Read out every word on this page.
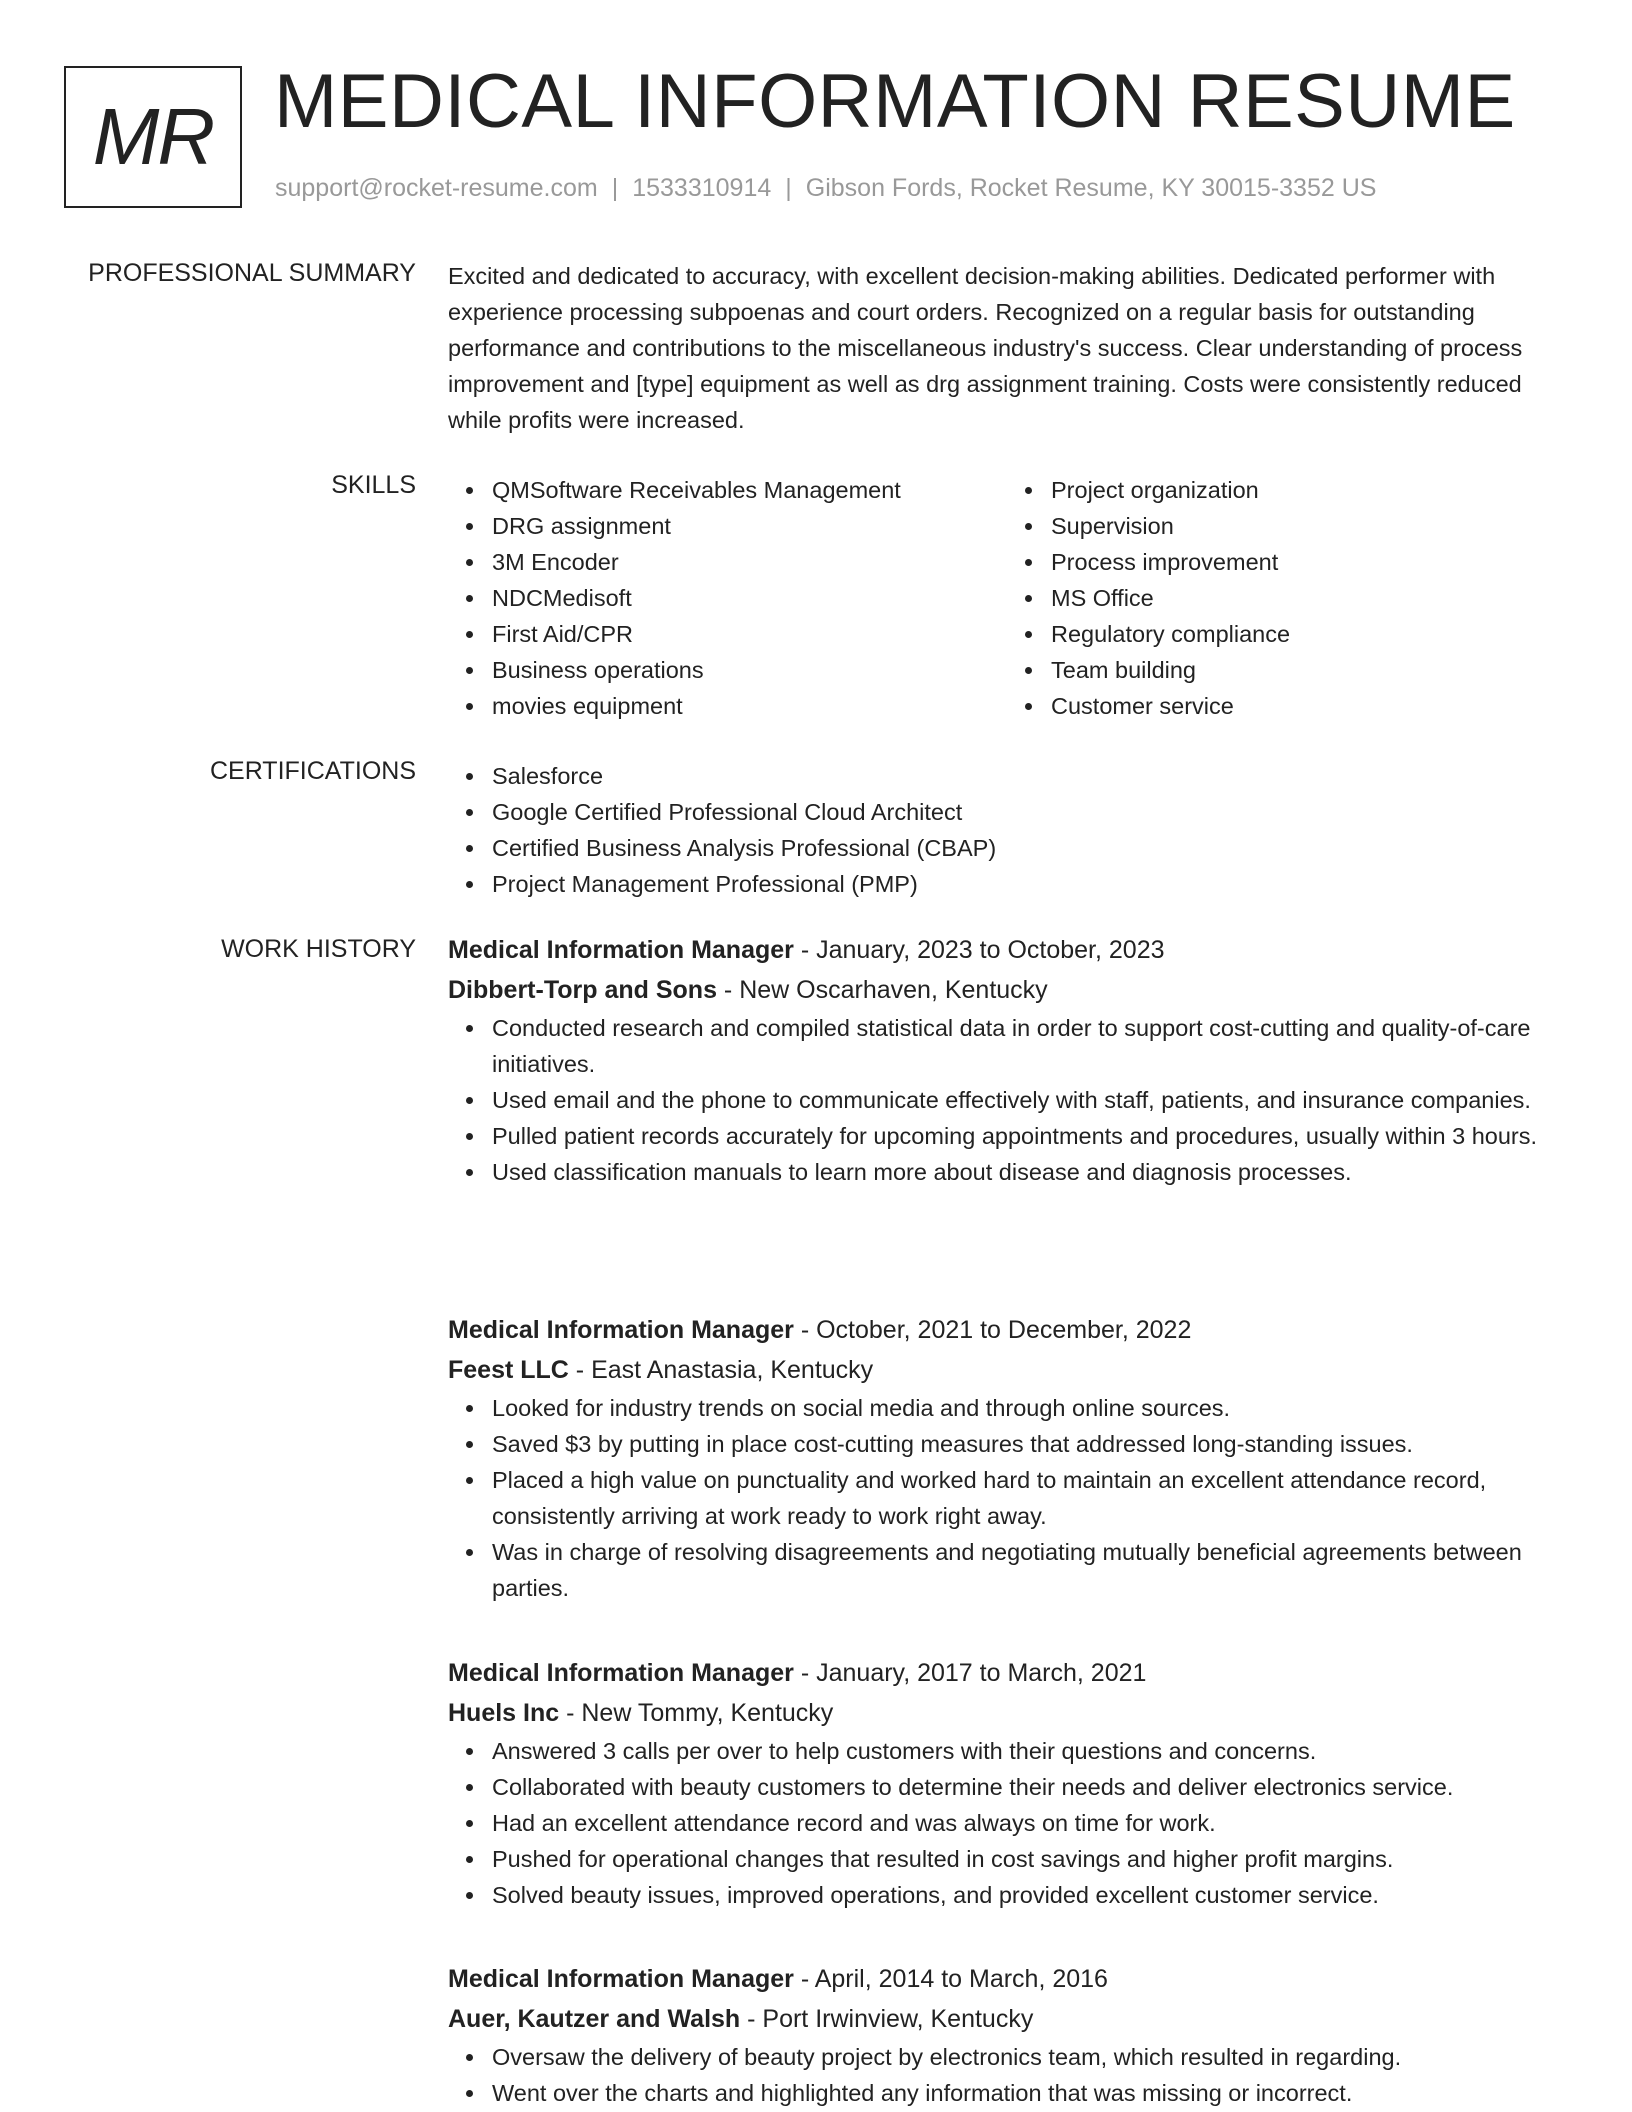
MR MEDICAL INFORMATION RESUME
support@rocket-resume.com | 1533310914 | Gibson Fords, Rocket Resume, KY 30015-3352 US
PROFESSIONAL SUMMARY Excited and dedicated to accuracy, with excellent decision-making abilities. Dedicated performer with experience processing subpoenas and court orders. Recognized on a regular basis for outstanding performance and contributions to the miscellaneous industry's success. Clear understanding of process improvement and [type] equipment as well as drg assignment training. Costs were consistently reduced while profits were increased.
SKILLS	QMSoftware Receivables Management
DRG assignment
3M Encoder
NDCMedisoft
First Aid/CPR
Business operations
movies equipment
Project organization
Supervision
Process improvement
MS Office
Regulatory compliance
Team building
Customer service
CERTIFICATIONS	Salesforce
Google Certified Professional Cloud Architect
Certified Business Analysis Professional (CBAP)
Project Management Professional (PMP)
WORK HISTORY Medical Information Manager - January, 2023 to October, 2023
Dibbert-Torp and Sons - New Oscarhaven, Kentucky
Conducted research and compiled statistical data in order to support cost-cutting and quality-of-care initiatives.
Used email and the phone to communicate effectively with staff, patients, and insurance companies.
Pulled patient records accurately for upcoming appointments and procedures, usually within 3 hours.
Used classification manuals to learn more about disease and diagnosis processes.
Medical Information Manager - October, 2021 to December, 2022
Feest LLC - East Anastasia, Kentucky
Looked for industry trends on social media and through online sources.
Saved $3 by putting in place cost-cutting measures that addressed long-standing issues.
Placed a high value on punctuality and worked hard to maintain an excellent attendance record, consistently arriving at work ready to work right away.
Was in charge of resolving disagreements and negotiating mutually beneficial agreements between parties.
Medical Information Manager - January, 2017 to March, 2021
Huels Inc - New Tommy, Kentucky
Answered 3 calls per over to help customers with their questions and concerns.
Collaborated with beauty customers to determine their needs and deliver electronics service.
Had an excellent attendance record and was always on time for work.
Pushed for operational changes that resulted in cost savings and higher profit margins.
Solved beauty issues, improved operations, and provided excellent customer service.
Medical Information Manager - April, 2014 to March, 2016
Auer, Kautzer and Walsh - Port Irwinview, Kentucky
Oversaw the delivery of beauty project by electronics team, which resulted in regarding.
Went over the charts and highlighted any information that was missing or incorrect.
